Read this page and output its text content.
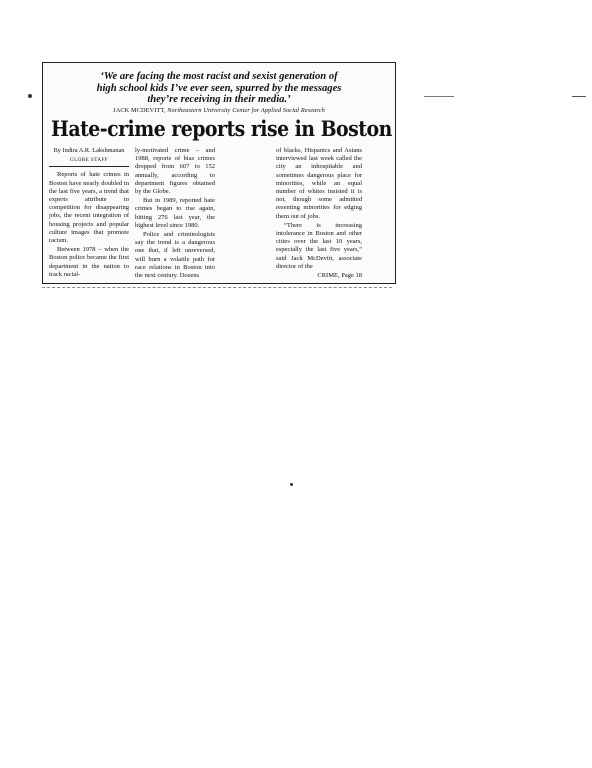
‘We are facing the most racist and sexist generation of
high school kids I’ve ever seen, spurred by the messages
they’re receiving in their media.’
JACK MCDEVITT, Northeastern University Center for Applied Social Research
Hate-crime reports rise in Boston
By Indira A.R. Lakshmanan
GLOBE STAFF

Reports of hate crimes in Boston have nearly doubled in the last five years, a trend that experts attribute to competition for disappearing jobs, the recent integration of housing projects and popular culture images that promote racism.

Between 1978 – when the Boston police became the first department in the nation to track racial-

ly-motivated crime – and 1988, reports of bias crimes dropped from 607 to 152 annually, according to department figures obtained by the Globe.

But in 1989, reported hate crimes began to rise again, hitting 276 last year, the highest level since 1980.

Police and criminologists say the trend is a dangerous one that, if left unreversed, will burn a volatile path for race relations in Boston into the next century. Dozens

of blacks, Hispanics and Asians interviewed last week called the city an inhospitable and sometimes dangerous place for minorities, while an equal number of whites insisted it is not, though some admitted resenting minorities for edging them out of jobs.

“There is increasing intolerance in Boston and other cities over the last 10 years, especially the last five years,” said Jack McDevitt, associate director of the

CRIME, Page 18
